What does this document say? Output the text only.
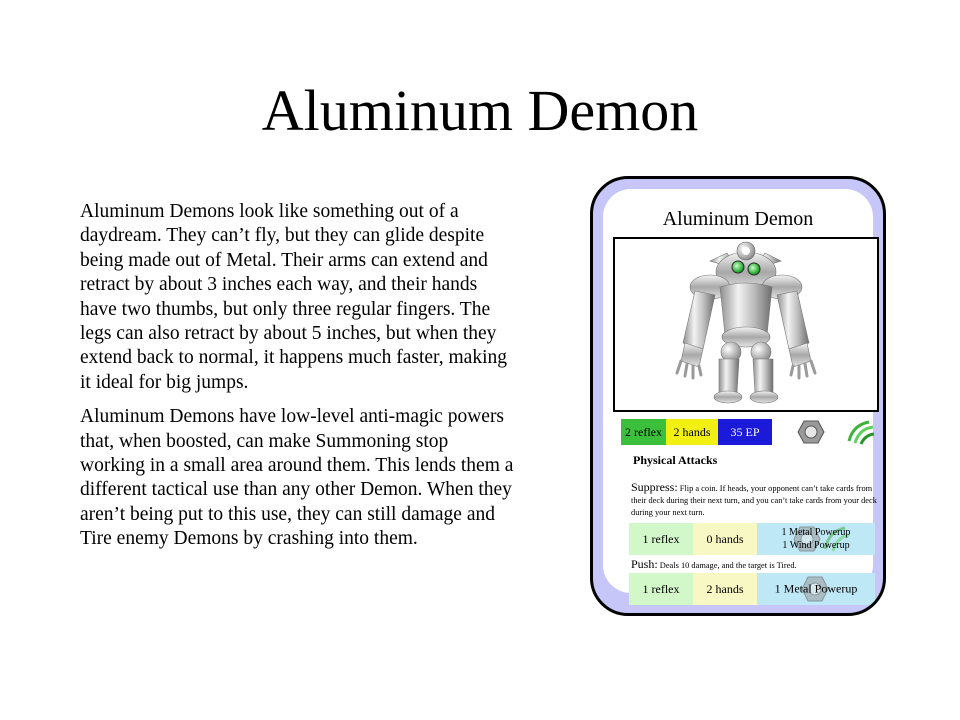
Aluminum Demon

Aluminum Demons look like something out of a daydream. They can’t fly, but they can glide despite being made out of Metal. Their arms can extend and retract by about 3 inches each way, and their hands have two thumbs, but only three regular fingers. The legs can also retract by about 5 inches, but when they extend back to normal, it happens much faster, making it ideal for big jumps.

Aluminum Demons have low-level anti-magic powers that, when boosted, can make Summoning stop working in a small area around them. This lends them a different tactical use than any other Demon. When they aren’t being put to this use, they can still damage and Tire enemy Demons by crashing into them.

Aluminum Demon
2 reflex 2 hands	35 EP
Physical Attacks
Suppress: Flip a coin. If heads, your opponent can’t take cards from their deck during their next turn, and you can’t take cards from your deck during your next turn.
1 reflex	0 hands	1 Metal Powerup
1 Wind Powerup
Push: Deals 10 damage, and the target is Tired.
1 reflex	2 hands	1 Metal Powerup
